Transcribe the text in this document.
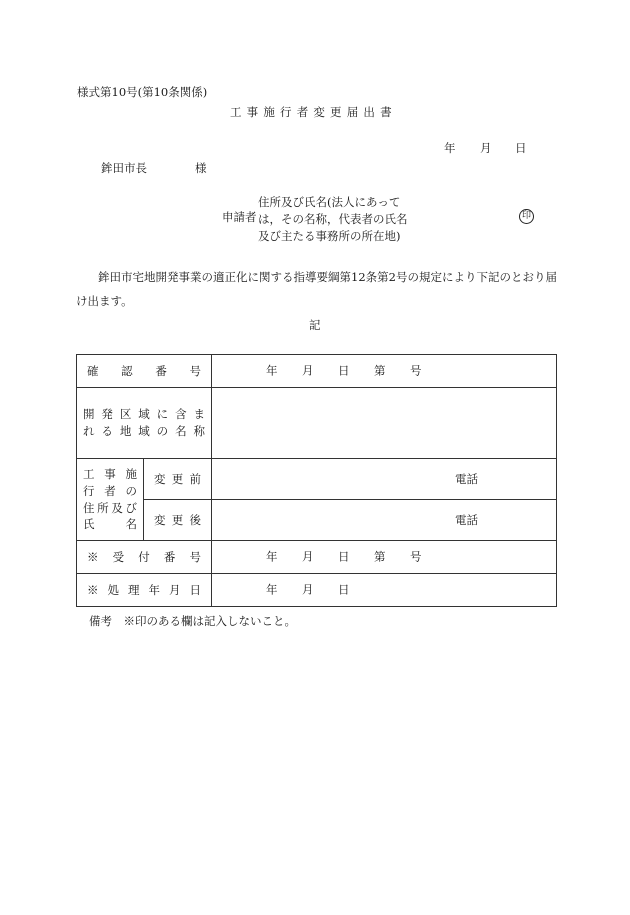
様式第10号(第10条関係)
工事施行者変更届出書
年 月 日
鉾田市長	様
住所及び氏名(法人にあって
は，その名称，代表者の氏名
及び主たる事務所の所在地)
申請者	印
鉾田市宅地開発事業の適正化に関する指導要綱第12条第2号の規定により下記のとおり届け出ます。
記
確認番号		年 月 日 第 号

開発区域に含ま
れる地域の名称		

工事施
行者の
住所及び
氏名	変更前	電話
	変更後	電話
※受付番号		年 月 日 第 号

※処理年月日		年 月 日
備考　※印のある欄は記入しないこと。
